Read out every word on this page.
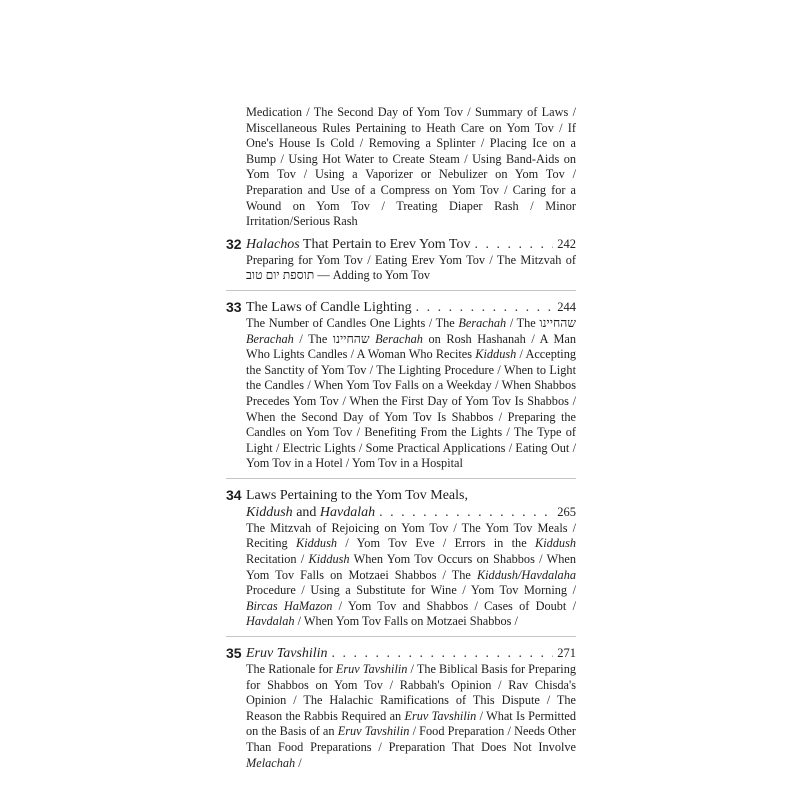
Medication / The Second Day of Yom Tov / Summary of Laws / Miscellaneous Rules Pertaining to Heath Care on Yom Tov / If One's House Is Cold / Removing a Splinter / Placing Ice on a Bump / Using Hot Water to Create Steam / Using Band-Aids on Yom Tov / Using a Vaporizer or Nebulizer on Yom Tov / Preparation and Use of a Compress on Yom Tov / Caring for a Wound on Yom Tov / Treating Diaper Rash / Minor Irritation/Serious Rash
32 Halachos That Pertain to Erev Yom Tov . . .	242
Preparing for Yom Tov / Eating Erev Yom Tov / The Mitzvah of תוספת יום טוב — Adding to Yom Tov
33 The Laws of Candle Lighting . . .	244
The Number of Candles One Lights / The Berachah / The שהחיינו Berachah / The שהחיינו Berachah on Rosh Hashanah / A Man Who Lights Candles / A Woman Who Recites Kiddush / Accepting the Sanctity of Yom Tov / The Lighting Procedure / When to Light the Candles / When Yom Tov Falls on a Weekday / When Shabbos Precedes Yom Tov / When the First Day of Yom Tov Is Shabbos / When the Second Day of Yom Tov Is Shabbos / Preparing the Candles on Yom Tov / Benefiting From the Lights / The Type of Light / Electric Lights / Some Practical Applications / Eating Out / Yom Tov in a Hotel / Yom Tov in a Hospital
34 Laws Pertaining to the Yom Tov Meals,
Kiddush and Havdalah . . .	265
The Mitzvah of Rejoicing on Yom Tov / The Yom Tov Meals / Reciting Kiddush / Yom Tov Eve / Errors in the Kiddush Recitation / Kiddush When Yom Tov Occurs on Shabbos / When Yom Tov Falls on Motzaei Shabbos / The Kiddush/Havdalaha Procedure / Using a Substitute for Wine / Yom Tov Morning / Bircas HaMazon / Yom Tov and Shabbos / Cases of Doubt / Havdalah / When Yom Tov Falls on Motzaei Shabbos /
35 Eruv Tavshilin . . .	271
The Rationale for Eruv Tavshilin / The Biblical Basis for Preparing for Shabbos on Yom Tov / Rabbah's Opinion / Rav Chisda's Opinion / The Halachic Ramifications of This Dispute / The Reason the Rabbis Required an Eruv Tavshilin / What Is Permitted on the Basis of an Eruv Tavshilin / Food Preparation / Needs Other Than Food Preparations / Preparation That Does Not Involve Melachah /
